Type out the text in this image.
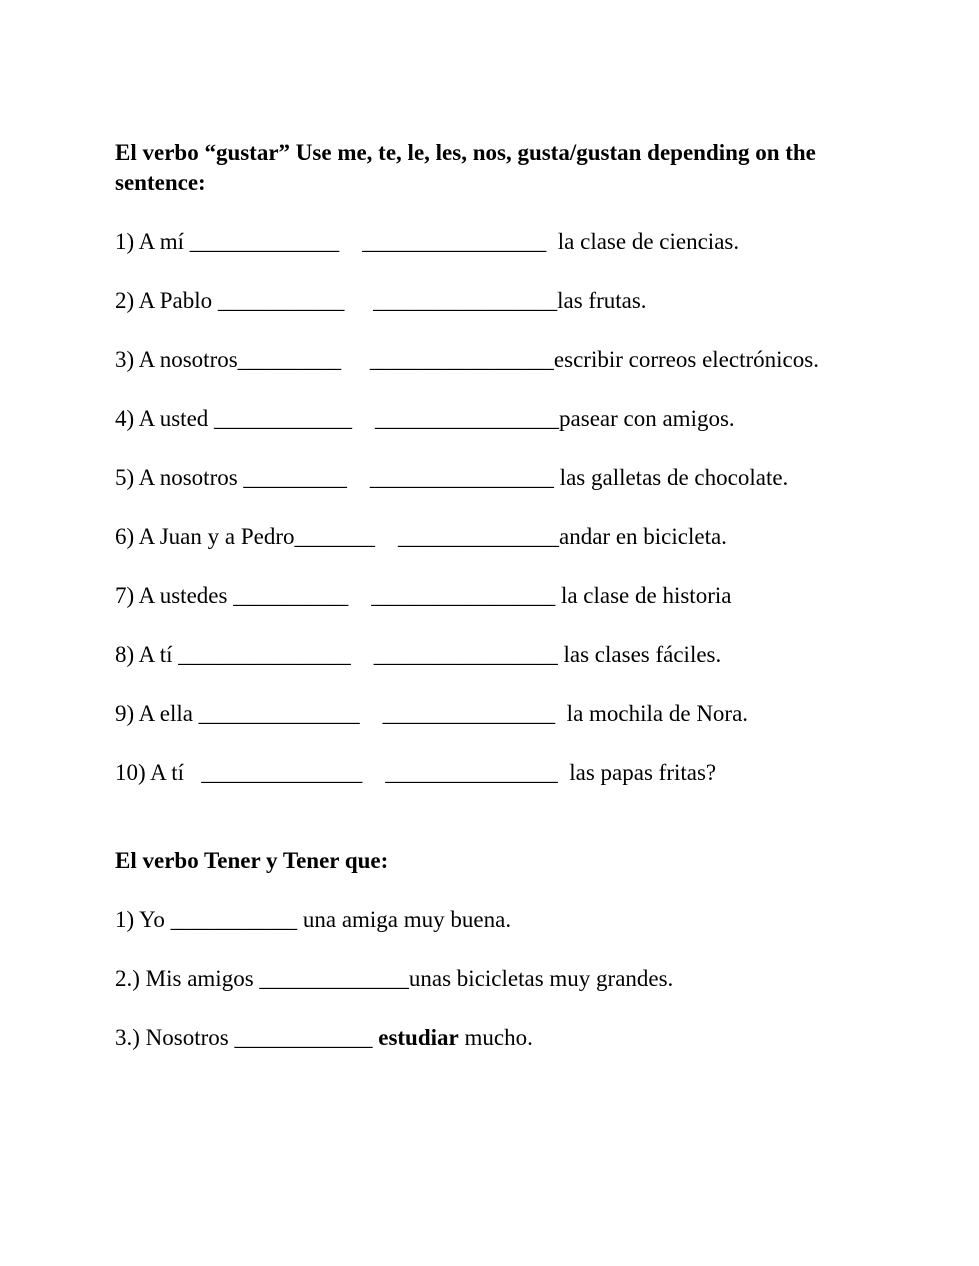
El verbo “gustar” Use me, te, le, les, nos, gusta/gustan depending on the sentence:

1) A mí _____________    ________________  la clase de ciencias.

2) A Pablo ___________     ________________las frutas.

3) A nosotros_________     ________________escribir correos electrónicos.

4) A usted ____________    ________________pasear con amigos.

5) A nosotros _________    ________________ las galletas de chocolate.

6) A Juan y a Pedro_______    ______________andar en bicicleta.

7) A ustedes __________    ________________ la clase de historia

8) A tí _______________    ________________ las clases fáciles.

9) A ella ______________    _______________  la mochila de Nora.

10) A tí   ______________    _______________  las papas fritas?

El verbo Tener y Tener que:

1) Yo ___________ una amiga muy buena.

2.) Mis amigos _____________unas bicicletas muy grandes.

3.) Nosotros ____________ estudiar mucho.
